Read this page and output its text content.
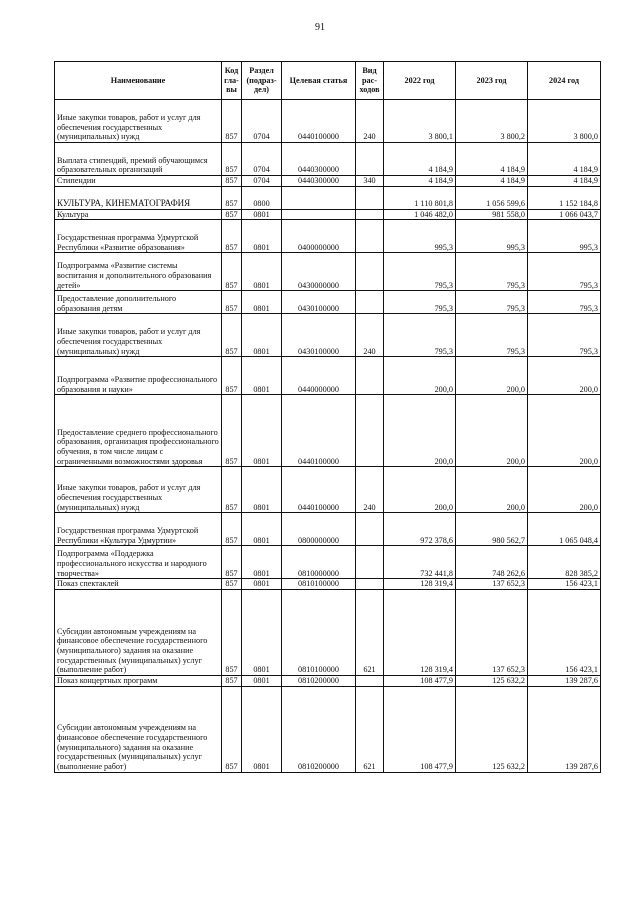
91
Наименование	Код гла-вы	Раздел (подраз-дел)	Целевая статья	Вид рас-ходов	2022 год	2023 год	2024 год
Иные закупки товаров, работ и услуг для обеспечения государственных (муниципальных) нужд	857	0704	0440100000	240	3 800,1	3 800,2	3 800,0
Выплата стипендий, премий обучающимся образовательных организаций	857	0704	0440300000		4 184,9	4 184,9	4 184,9
Стипендии	857	0704	0440300000	340	4 184,9	4 184,9	4 184,9
КУЛЬТУРА, КИНЕМАТОГРАФИЯ	857	0800			1 110 801,8	1 056 599,6	1 152 184,8
Культура	857	0801			1 046 482,0	981 558,0	1 066 043,7
Государственная программа Удмуртской Республики «Развитие образования»	857	0801	0400000000		995,3	995,3	995,3
Подпрограмма «Развитие системы воспитания и дополнительного образования детей»	857	0801	0430000000		795,3	795,3	795,3
Предоставление дополнительного образования детям	857	0801	0430100000		795,3	795,3	795,3
Иные закупки товаров, работ и услуг для обеспечения государственных (муниципальных) нужд	857	0801	0430100000	240	795,3	795,3	795,3
Подпрограмма «Развитие профессионального образования и науки»	857	0801	0440000000		200,0	200,0	200,0
Предоставление среднего профессионального образования, организация профессионального обучения, в том числе лицам с ограниченными возможностями здоровья	857	0801	0440100000		200,0	200,0	200,0
Иные закупки товаров, работ и услуг для обеспечения государственных (муниципальных) нужд	857	0801	0440100000	240	200,0	200,0	200,0
Государственная программа Удмуртской Республики «Культура Удмуртии»	857	0801	0800000000		972 378,6	980 562,7	1 065 048,4
Подпрограмма «Поддержка профессионального искусства и народного творчества»	857	0801	0810000000		732 441,8	748 262,6	828 385,2
Показ спектаклей	857	0801	0810100000		128 319,4	137 652,3	156 423,1
Субсидии автономным учреждениям на финансовое обеспечение государственного (муниципального) задания на оказание государственных (муниципальных) услуг (выполнение работ)	857	0801	0810100000	621	128 319,4	137 652,3	156 423,1
Показ концертных программ	857	0801	0810200000		108 477,9	125 632,2	139 287,6
Субсидии автономным учреждениям на финансовое обеспечение государственного (муниципального) задания на оказание государственных (муниципальных) услуг (выполнение работ)	857	0801	0810200000	621	108 477,9	125 632,2	139 287,6
